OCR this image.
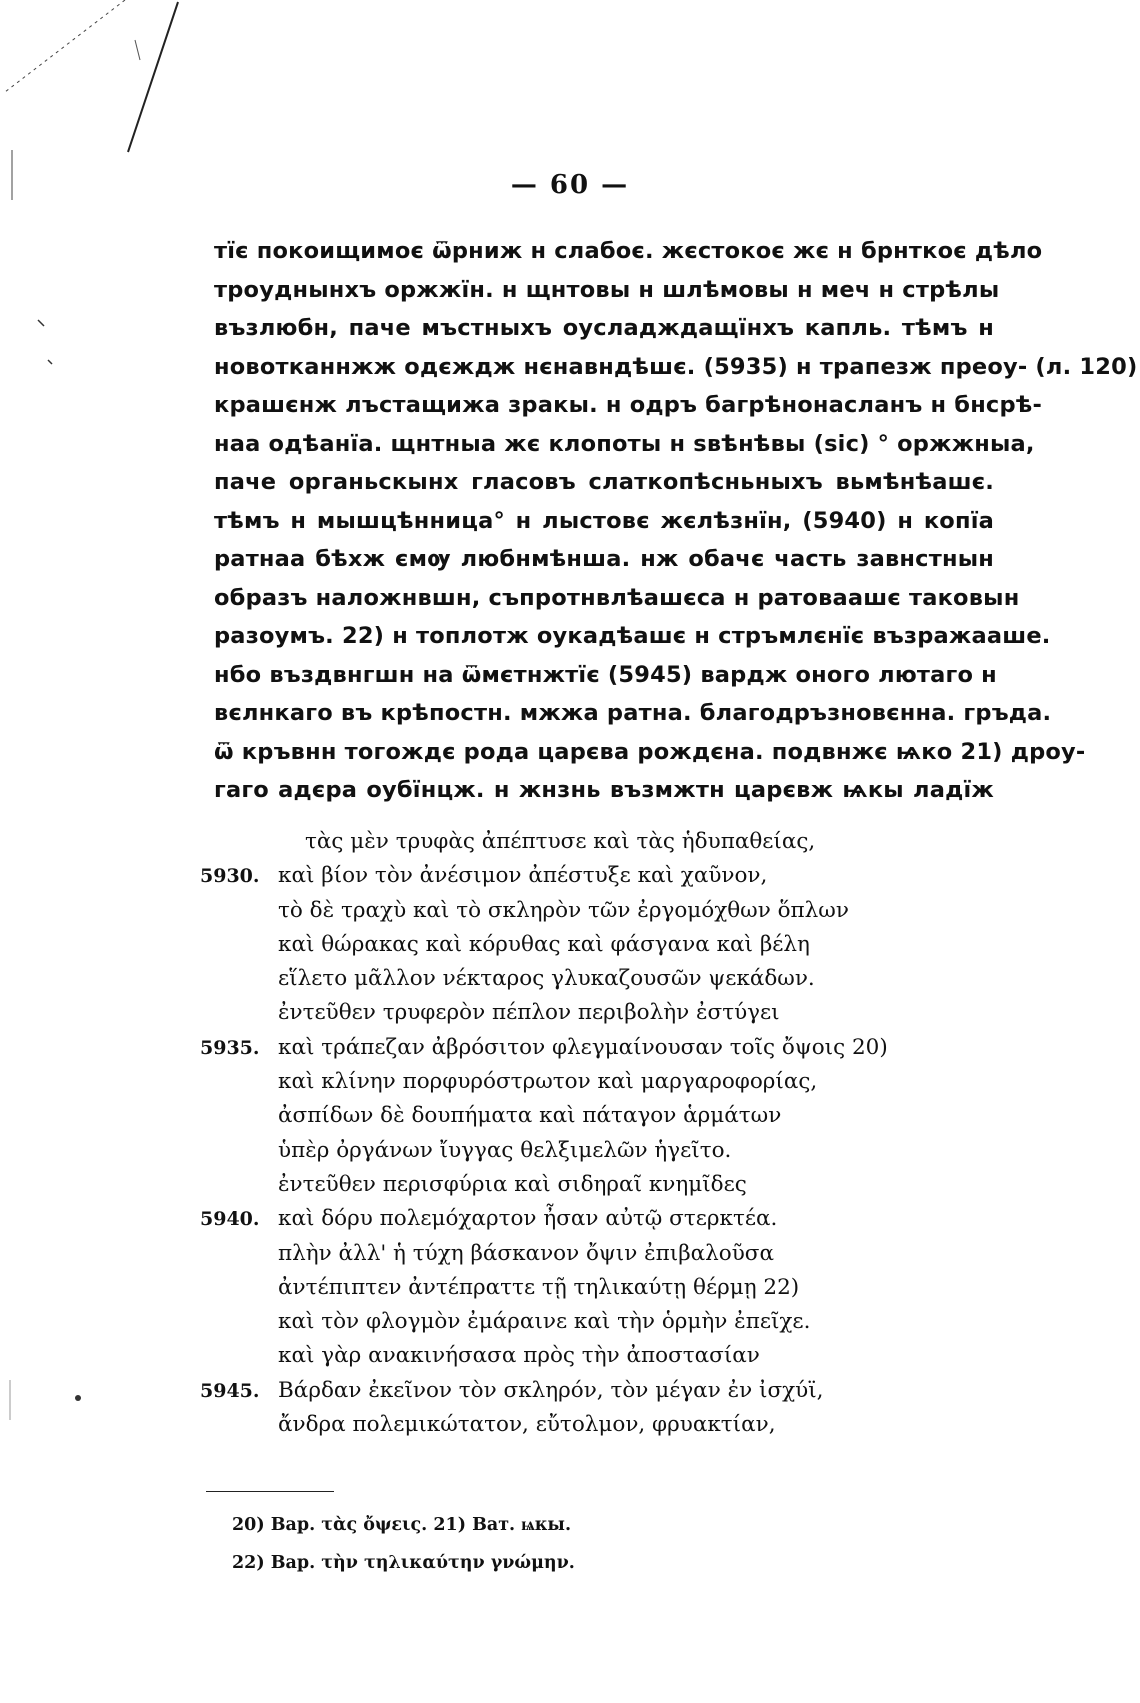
— 60 —
тїє покоищимоє ѿрниж н слабоє. жєстокоє жє н брнткоє дѣло
троуднынхъ оржжїн. н щнтовы н шлѣмовы н меч н стрѣлы
възлюбн, паче мъстныхъ оусладждащїнхъ капль. тѣмъ н
новотканнжж одєждж нєнавндѣшє. (5935) н трапезж преоу- (л. 120)
крашєнж лъстащижа зракы. н одръ багрѣнонасланъ н бнсрѣ-
наа одѣанїа. щнтныа жє клопоты н ѕвѣнѣвы (sic) ° оржжныа,
паче органьскынх гласовъ слаткопѣсньныхъ вьмѣнѣашє.
тѣмъ н мышцѣнница° н лыстовє жєлѣзнїн, (5940) н копїа
ратнаа бѣхж ємѹ любнмѣнша. нж обачє часть завнстнын
образъ наложнвшн, съпротнвлѣашєса н ратоваашє таковын
разоумъ. 22) н топлотж оукадѣашє н стръмлєнїє възражааше.
нбо въздвнгшн на ѿмєтнжтїє (5945) вардж оного лютаго н
вєлнкаго въ крѣпостн. мжжа ратна. благодръзновєнна. гръда.
ѿ кръвнн тогождє рода царєва рождєна. подвнжє ѩко 21) дроу-
гаго адєра оубїнцж. н жнзнь възмжтн царєвж ѩкы ладїж
τὰς μὲν τρυφὰς ἀπέπτυσε καὶ τὰς ἡδυπαθείας,
5930. καὶ βίον τὸν ἀνέσιμον ἀπέστυξε καὶ χαῦνον,
τὸ δὲ τραχὺ καὶ τὸ σκληρὸν τῶν ἐργομόχθων ὅπλων
καὶ θώρακας καὶ κόρυθας καὶ φάσγανα καὶ βέλη
εἵλετο μᾶλλον νέκταρος γλυκαζουσῶν ψεκάδων.
ἐντεῦθεν τρυφερὸν πέπλον περιβολὴν ἐστύγει
5935. καὶ τράπεζαν ἀβρόσιτον φλεγμαίνουσαν τοῖς ὄψοις 20)
καὶ κλίνην πορφυρόστρωτον καὶ μαργαροφορίας,
ἀσπίδων δὲ δουπήματα καὶ πάταγον ἁρμάτων
ὑπὲρ ὀργάνων ἴυγγας θελξιμελῶν ἡγεῖτο.
ἐντεῦθεν περισφύρια καὶ σιδηραῖ κνημῖδες
5940. καὶ δόρυ πολεμόχαρτον ἦσαν αὐτῷ στερκτέα.
πλὴν ἀλλ' ἡ τύχη βάσκανον ὄψιν ἐπιβαλοῦσα
ἀντέπιπτεν ἀντέπραττε τῇ τηλικαύτῃ θέρμῃ 22)
καὶ τὸν φλογμὸν ἐμάραινε καὶ τὴν ὁρμὴν ἐπεῖχε.
καὶ γὰρ ανακινήσασα πρὸς τὴν ἀποστασίαν
5945. Βάρδαν ἐκεῖνον τὸν σκληρόν, τὸν μέγαν ἐν ἰσχύϊ,
ἄνδρα πολεμικώτατον, εὔτολμον, φρυακτίαν,
20) Вар. τὰς ὄψεις. 21) Ват. ѩкы.
22) Вар. τὴν τηλικαύτην γνώμην.
